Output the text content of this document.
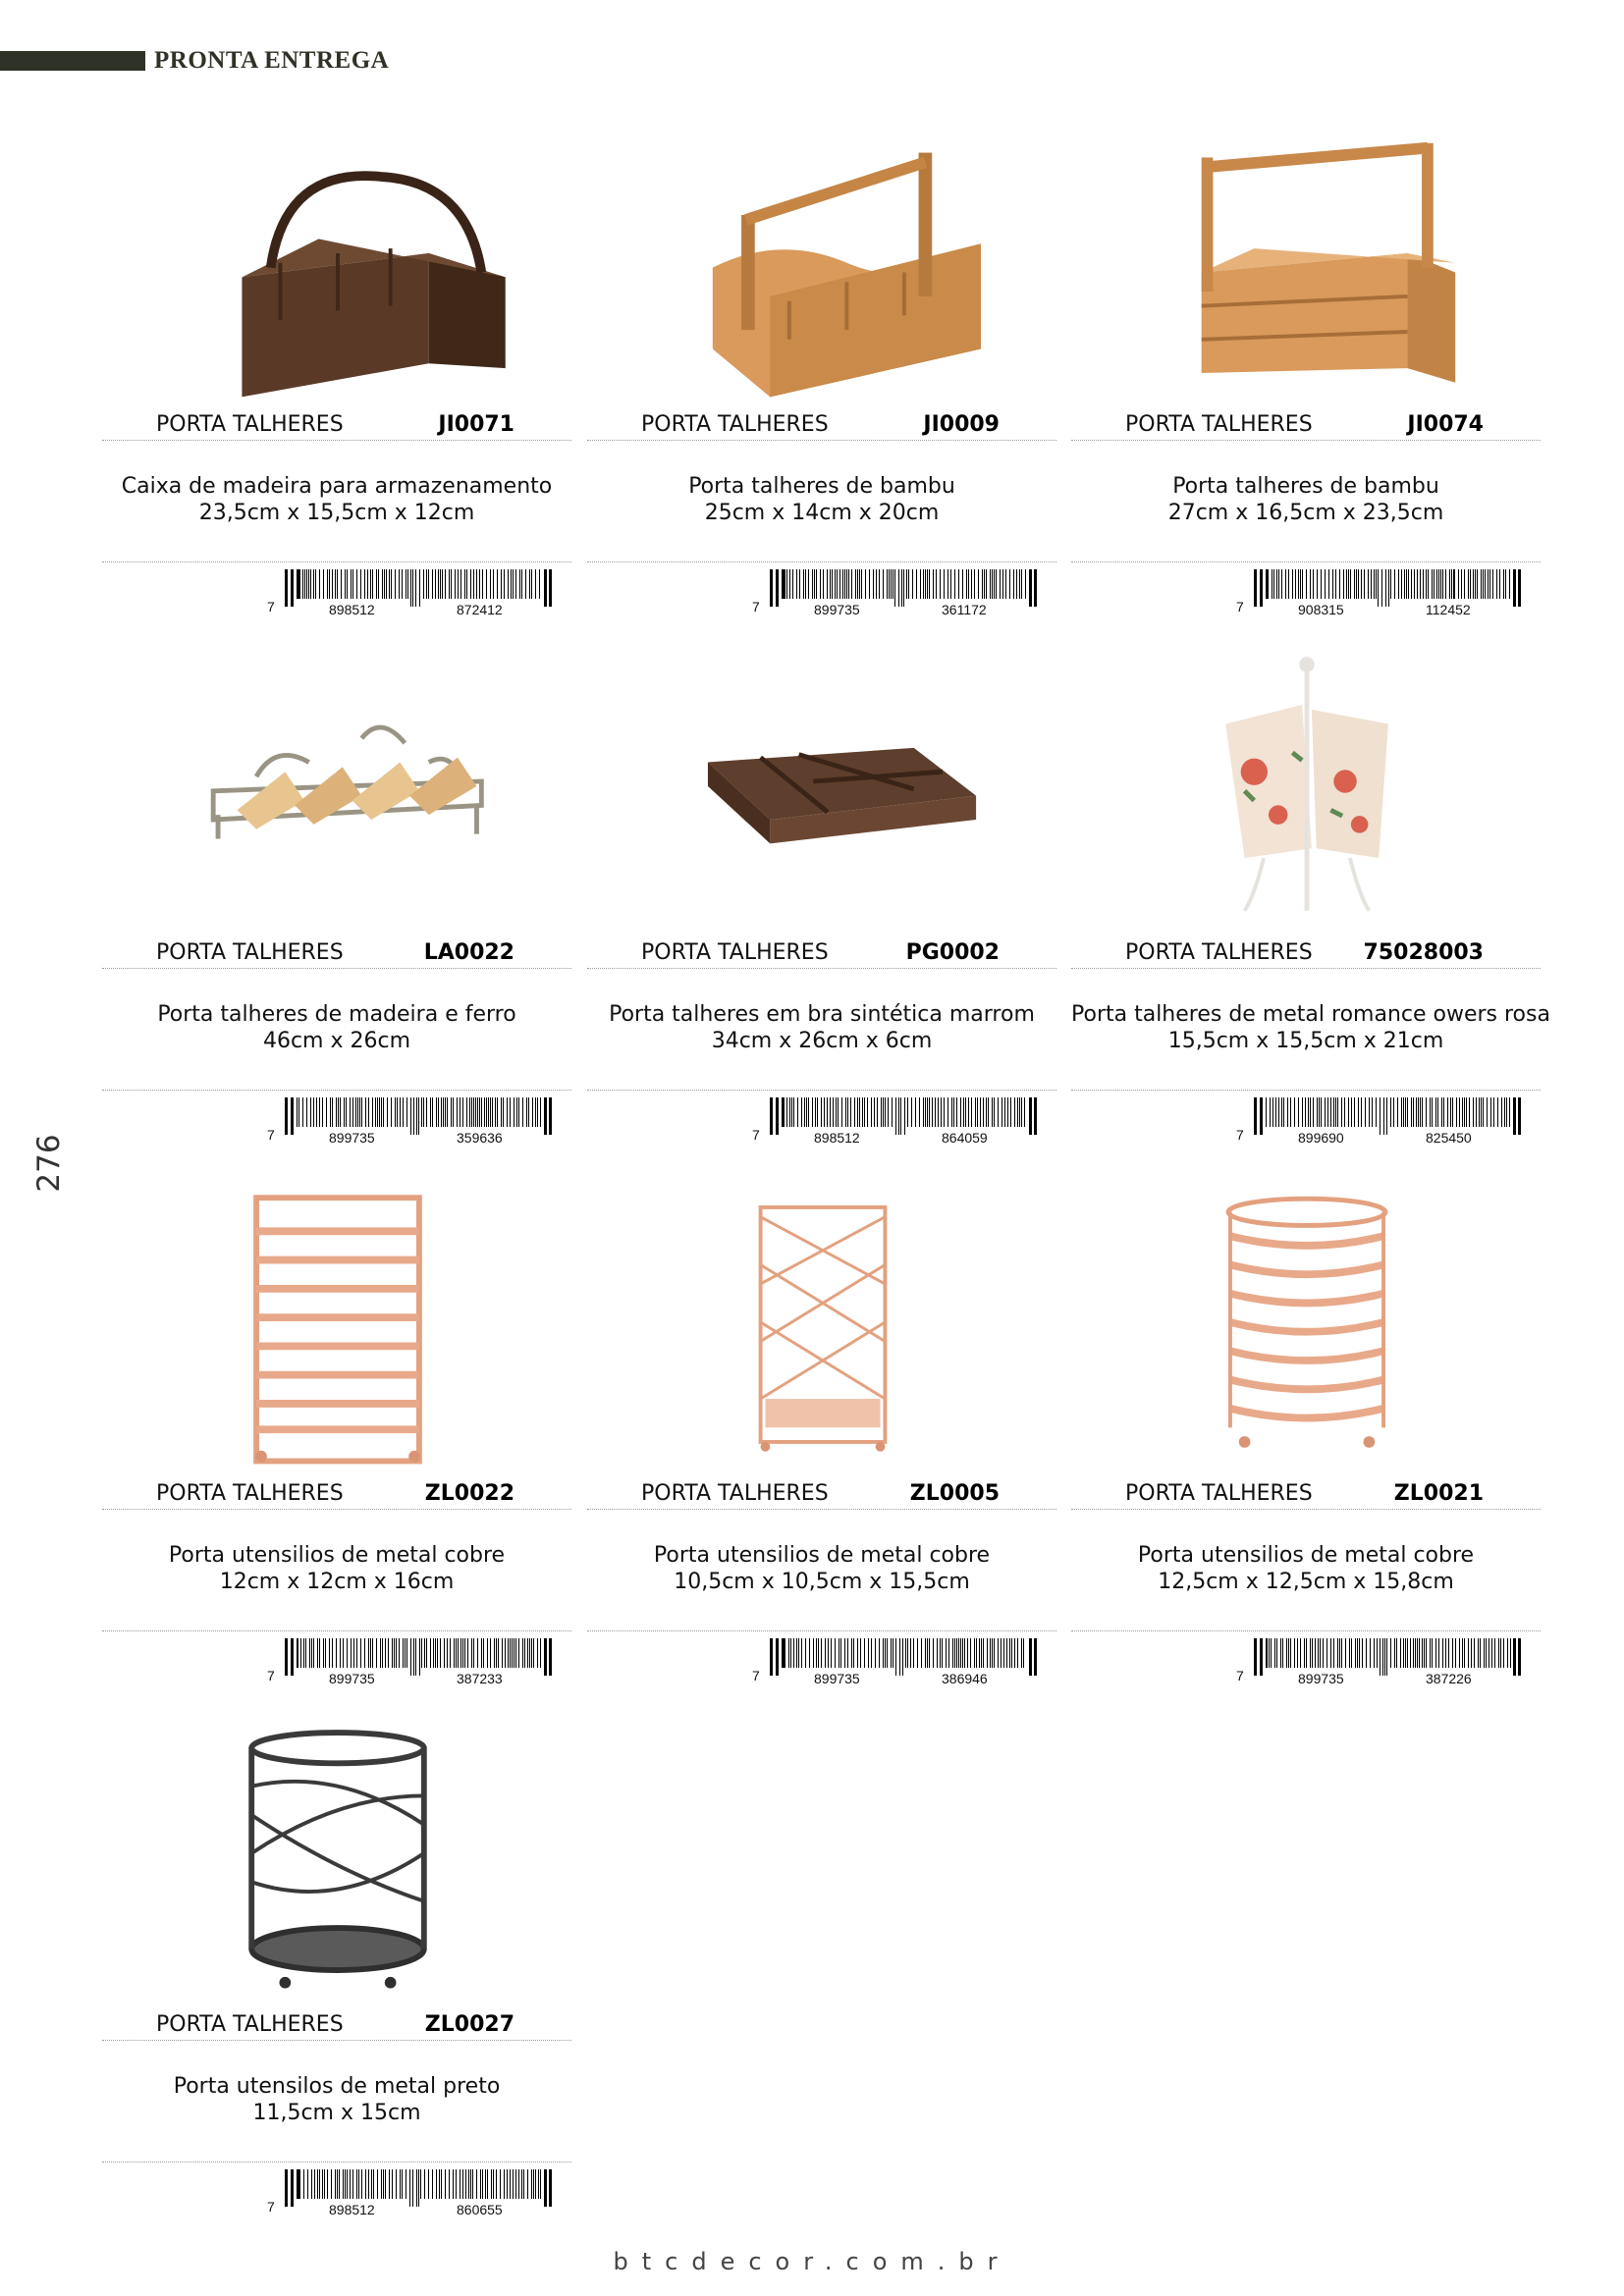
PRONTA ENTREGA
276
PORTA TALHERES	JI0071
Caixa de madeira para armazenamento
23,5cm x 15,5cm x 12cm
7	898512	872412
PORTA TALHERES	JI0009
Porta talheres de bambu
25cm x 14cm x 20cm
7	899735	361172
PORTA TALHERES	JI0074
Porta talheres de bambu
27cm x 16,5cm x 23,5cm
7	908315	112452
PORTA TALHERES	LA0022
Porta talheres de madeira e ferro
46cm x 26cm
7	899735	359636
PORTA TALHERES	PG0002
Porta talheres em bra sintética marrom
34cm x 26cm x 6cm
7	898512	864059
PORTA TALHERES 75028003
Porta talheres de metal romance owers rosa
15,5cm x 15,5cm x 21cm
7	899690	825450
PORTA TALHERES	ZL0022
Porta utensilios de metal cobre
12cm x 12cm x 16cm
7	899735	387233
PORTA TALHERES	ZL0005
Porta utensilios de metal cobre
10,5cm x 10,5cm x 15,5cm
7	899735	386946
PORTA TALHERES	ZL0021
Porta utensilios de metal cobre
12,5cm x 12,5cm x 15,8cm
7	899735	387226
PORTA TALHERES	ZL0027
Porta utensilos de metal preto
11,5cm x 15cm
7	898512	860655
btcdecor.com.br
